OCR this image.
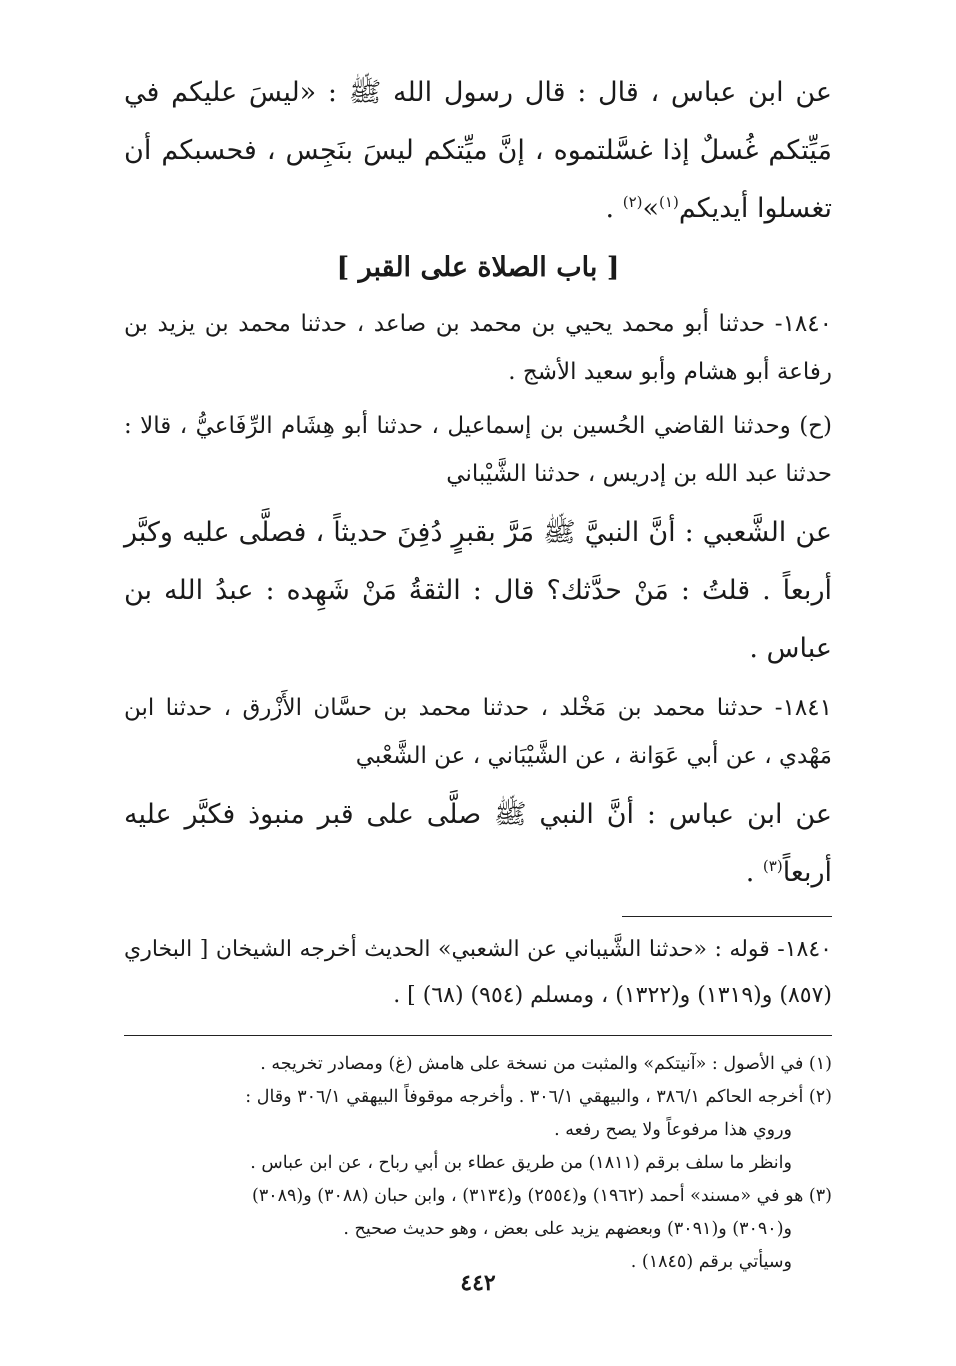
عن ابن عباس ، قال : قال رسول الله ﷺ : «ليسَ عليكم في مَيِّتكم غُسلٌ إذا غسَّلتموه ، إنَّ ميِّتكم ليسَ بنَجِس ، فحسبكم أن تغسلوا أيديكم$^{(١)}$»$^{(٢)}$ .

[ باب الصلاة على القبر ]

١٨٤٠- حدثنا أبو محمد يحيي بن محمد بن صاعد ، حدثنا محمد بن يزيد بن رفاعة أبو هشام وأبو سعيد الأشج .

(ح) وحدثنا القاضي الحُسين بن إسماعيل ، حدثنا أبو هِشَام الرِّفَاعيُّ ، قالا : حدثنا عبد الله بن إدريس ، حدثنا الشَّيْباني

عن الشَّعبي : أنَّ النبيَّ ﷺ مَرَّ بقبرٍ دُفِنَ حديثاً ، فصلَّى عليه وكبَّر أربعاً . قلتُ : مَنْ حدَّثك؟ قال : الثقةُ مَنْ شَهِده : عبدُ الله بن عباس .

١٨٤١- حدثنا محمد بن مَخْلد ، حدثنا محمد بن حسَّان الأَزْرق ، حدثنا ابن مَهْدي ، عن أبي عَوَانة ، عن الشَّيْبَاني ، عن الشَّعْبي

عن ابن عباس : أنَّ النبي ﷺ صلَّى على قبر منبوذ فكبَّر عليه أربعاً$^{(٣)}$ .

١٨٤٠- قوله : «حدثنا الشَّيباني عن الشعبي» الحديث أخرجه الشيخان [ البخاري (٨٥٧) و(١٣١٩) و(١٣٢٢) ، ومسلم (٩٥٤) (٦٨) ] .

(١) في الأصول : «آنيتكم» والمثبت من نسخة على هامش (غ) ومصادر تخريجه .

(٢) أخرجه الحاكم ٣٨٦/١ ، والبيهقي ٣٠٦/١ . وأخرجه موقوفاً البيهقي ٣٠٦/١ وقال :

وروي هذا مرفوعاً ولا يصح رفعه .

وانظر ما سلف برقم (١٨١١) من طريق عطاء بن أبي رباح ، عن ابن عباس .

(٣) هو في «مسند» أحمد (١٩٦٢) و(٢٥٥٤) و(٣١٣٤) ، وابن حبان (٣٠٨٨) و(٣٠٨٩)

و(٣٠٩٠) و(٣٠٩١) وبعضهم يزيد على بعض ، وهو حديث صحيح .

وسيأتي برقم (١٨٤٥) .

٤٤٢
